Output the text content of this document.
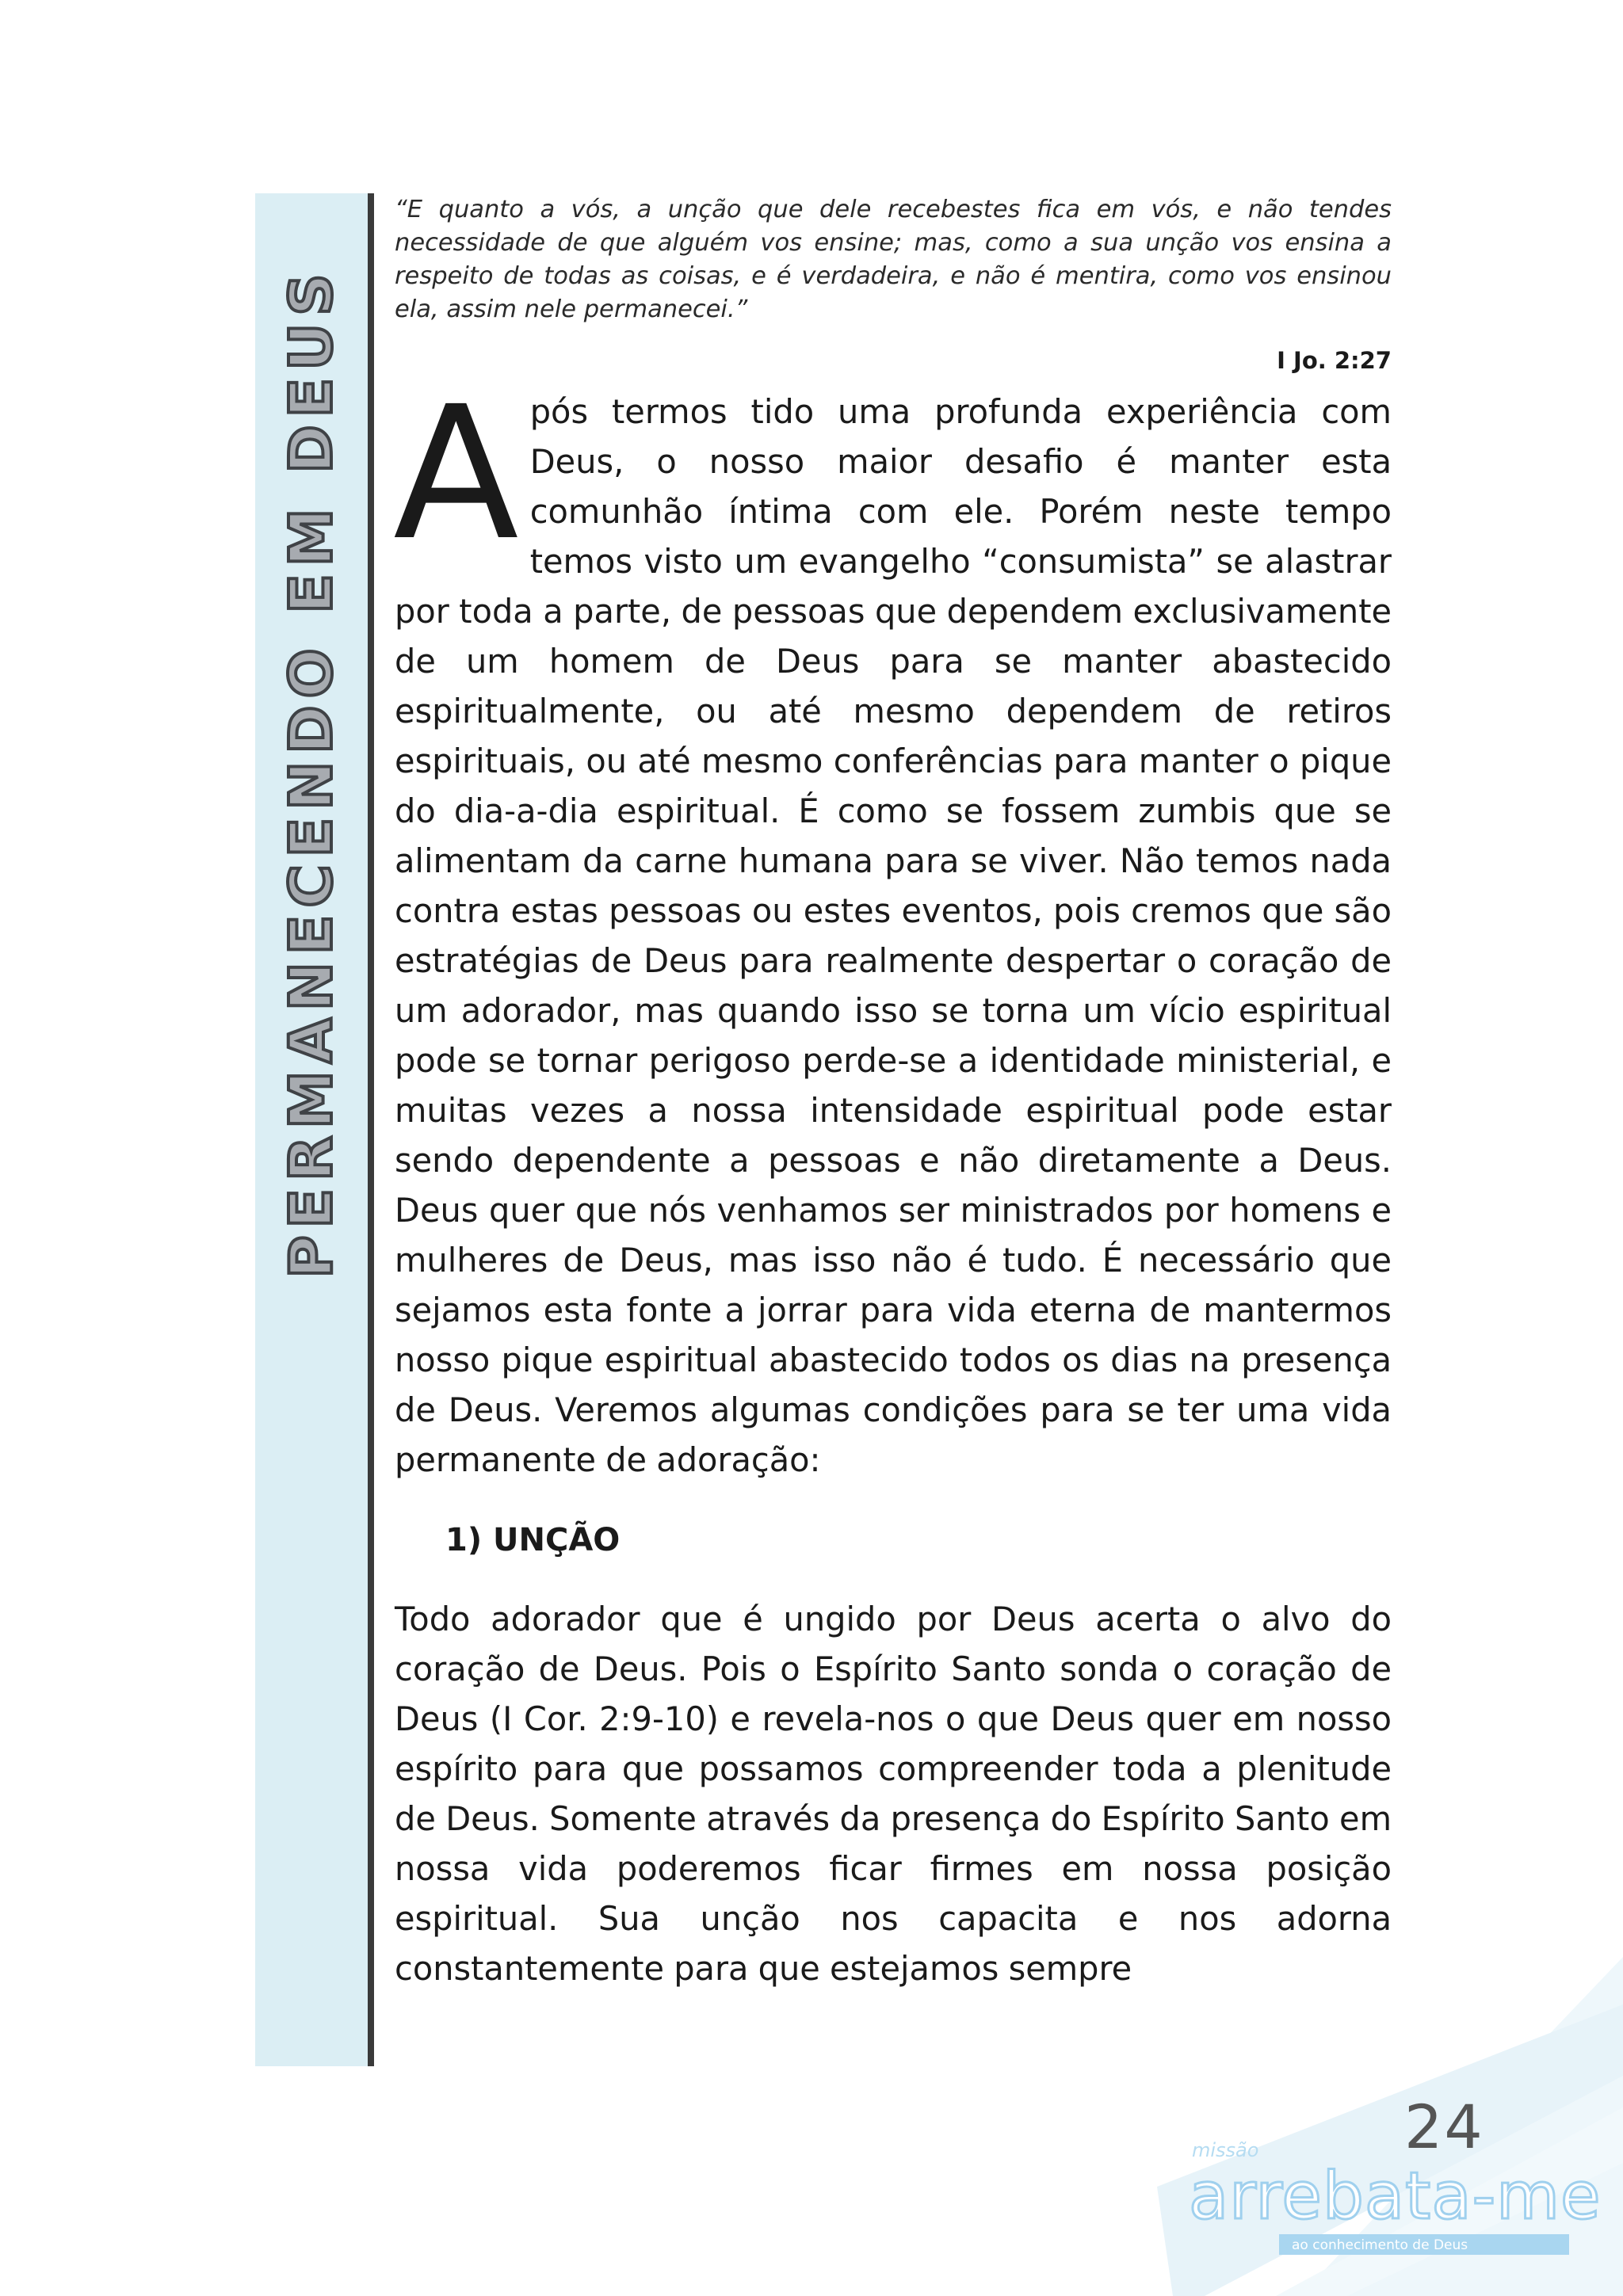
PERMANECENDO EM DEUS

“E quanto a vós, a unção que dele recebestes fica em vós, e não tendes necessidade de que alguém vos ensine; mas, como a sua unção vos ensina a respeito de todas as coisas, e é verdadeira, e não é mentira, como vos ensinou ela, assim nele permanecei.”

I Jo. 2:27

Após termos tido uma profunda experiência com Deus, o nosso maior desafio é manter esta comunhão íntima com ele. Porém neste tempo temos visto um evangelho “consumista” se alastrar por toda a parte, de pessoas que dependem exclusivamente de um homem de Deus para se manter abastecido espiritualmente, ou até mesmo dependem de retiros espirituais, ou até mesmo conferências para manter o pique do dia-a-dia espiritual. É como se fossem zumbis que se alimentam da carne humana para se viver. Não temos nada contra estas pessoas ou estes eventos, pois cremos que são estratégias de Deus para realmente despertar o coração de um adorador, mas quando isso se torna um vício espiritual pode se tornar perigoso perde-se a identidade ministerial, e muitas vezes a nossa intensidade espiritual pode estar sendo dependente a pessoas e não diretamente a Deus. Deus quer que nós venhamos ser ministrados por homens e mulheres de Deus, mas isso não é tudo. É necessário que sejamos esta fonte a jorrar para vida eterna de mantermos nosso pique espiritual abastecido todos os dias na presença de Deus. Veremos algumas condições para se ter uma vida permanente de adoração:

1) UNÇÃO

Todo adorador que é ungido por Deus acerta o alvo do coração de Deus. Pois o Espírito Santo sonda o coração de Deus (I Cor. 2:9-10) e revela-nos o que Deus quer em nosso espírito para que possamos compreender toda a plenitude de Deus. Somente através da presença do Espírito Santo em nossa vida poderemos ficar firmes em nossa posição espiritual. Sua unção nos capacita e nos adorna constantemente para que estejamos sempre

missão
arrebata-me
ao conhecimento de Deus
24
